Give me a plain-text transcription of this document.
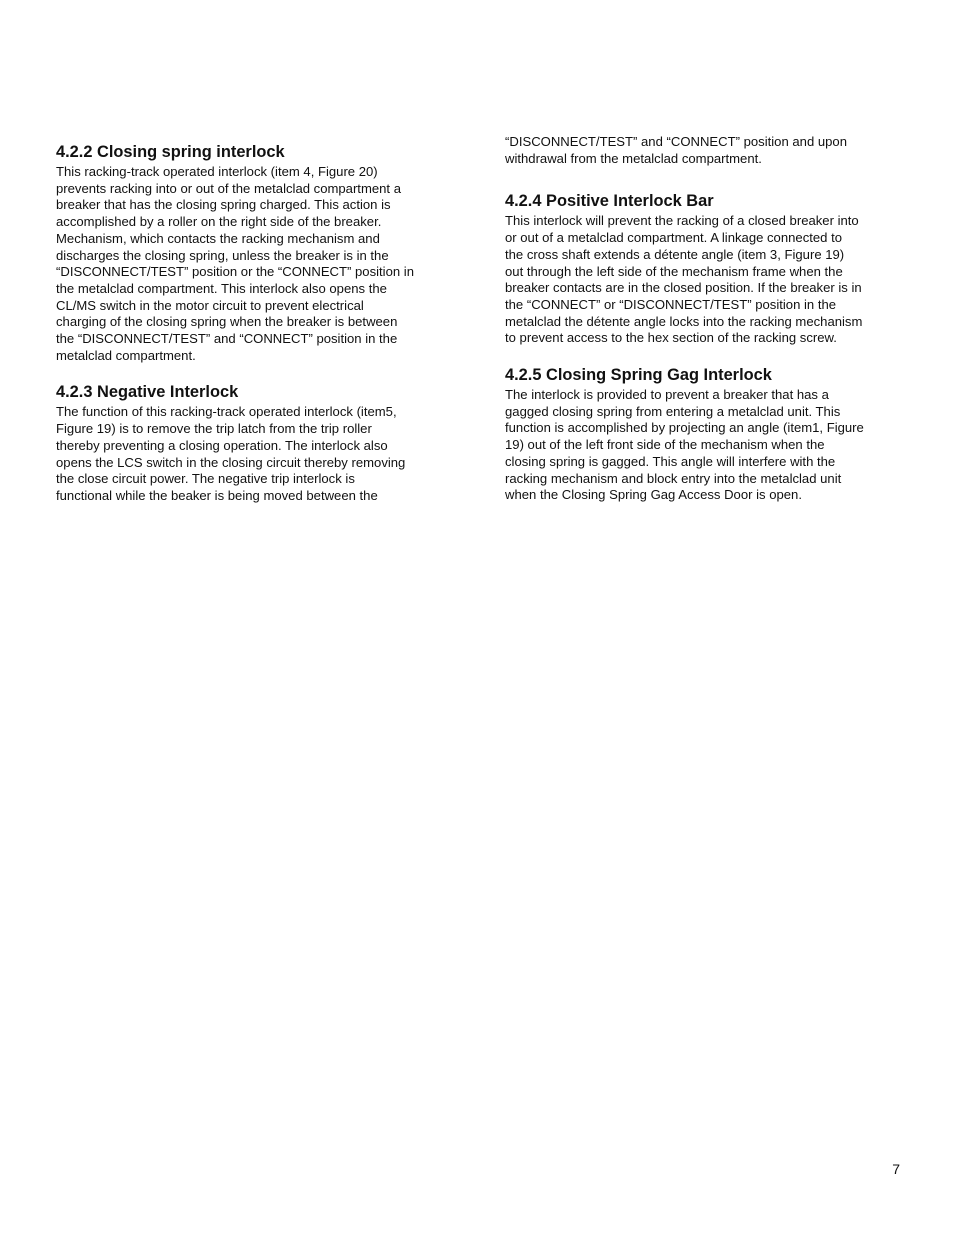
4.2.2 Closing spring interlock

This racking-track operated interlock (item 4, Figure 20)
prevents racking into or out of the metalclad compartment a
breaker that has the closing spring charged. This action is
accomplished by a roller on the right side of the breaker.
Mechanism, which contacts the racking mechanism and
discharges the closing spring, unless the breaker is in the
“DISCONNECT/TEST” position or the “CONNECT” position in
the metalclad compartment. This interlock also opens the
CL/MS switch in the motor circuit to prevent electrical
charging of the closing spring when the breaker is between
the “DISCONNECT/TEST” and “CONNECT” position in the
metalclad compartment.

4.2.3 Negative Interlock

The function of this racking-track operated interlock (item5,
Figure 19) is to remove the trip latch from the trip roller
thereby preventing a closing operation. The interlock also
opens the LCS switch in the closing circuit thereby removing
the close circuit power. The negative trip interlock is
functional while the beaker is being moved between the

“DISCONNECT/TEST” and “CONNECT” position and upon
withdrawal from the metalclad compartment.

4.2.4 Positive Interlock Bar

This interlock will prevent the racking of a closed breaker into
or out of a metalclad compartment. A linkage connected to
the cross shaft extends a détente angle (item 3, Figure 19)
out through the left side of the mechanism frame when the
breaker contacts are in the closed position. If the breaker is in
the “CONNECT” or “DISCONNECT/TEST” position in the
metalclad the détente angle locks into the racking mechanism
to prevent access to the hex section of the racking screw.

4.2.5 Closing Spring Gag Interlock

The interlock is provided to prevent a breaker that has a
gagged closing spring from entering a metalclad unit. This
function is accomplished by projecting an angle (item1, Figure
19) out of the left front side of the mechanism when the
closing spring is gagged. This angle will interfere with the
racking mechanism and block entry into the metalclad unit
when the Closing Spring Gag Access Door is open.

7
